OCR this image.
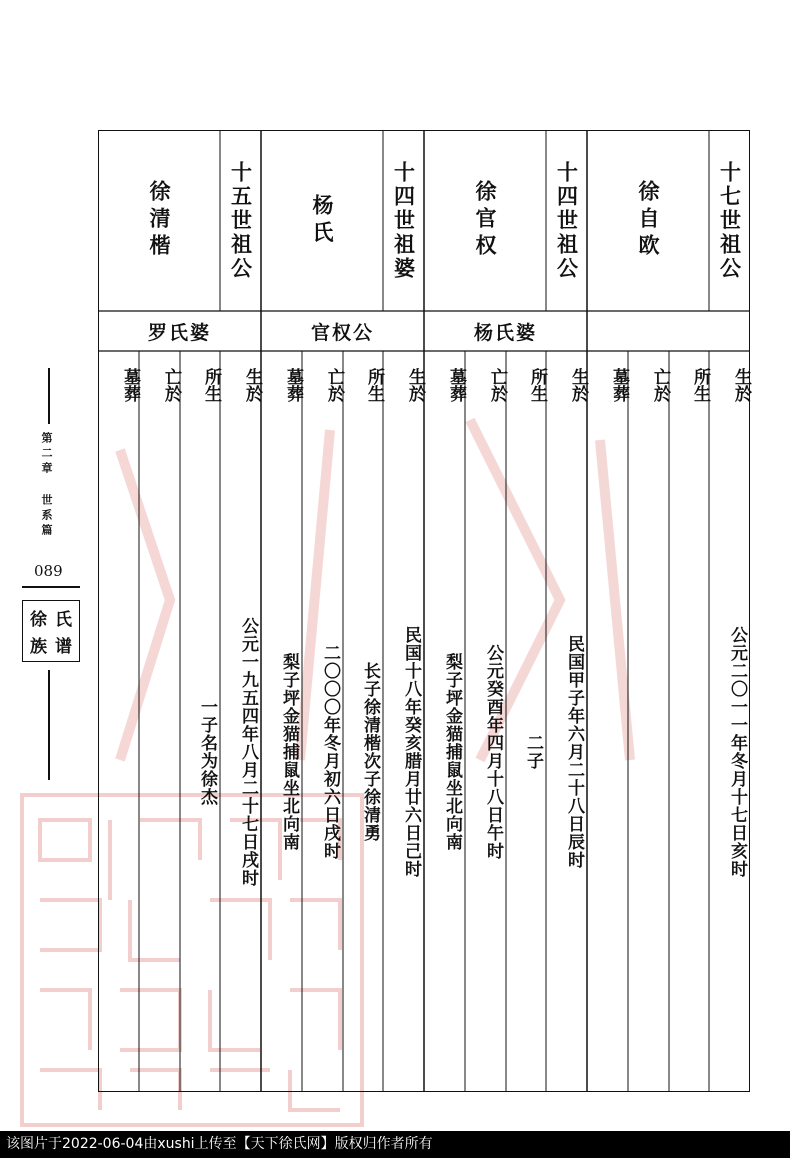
十七世祖公
徐自欧
生於
所生
亡於
墓葬
公元二〇一一年冬月十七日亥时
十四世祖公
徐官权
杨氏婆
生於
所生
亡於
墓葬
民国甲子年六月二十八日辰时
二子
公元癸酉年四月十八日午时
梨子坪金猫捕鼠坐北向南
十四世祖婆
杨氏
官权公
生於
所生
亡於
墓葬
民国十八年癸亥腊月廿六日己时
长子徐清楷次子徐清勇
二〇〇〇年冬月初六日戌时
梨子坪金猫捕鼠坐北向南
十五世祖公
徐清楷
罗氏婆
生於
所生
亡於
墓葬
公元一九五四年八月二十七日戌时
一子名为徐杰
第二章 世系篇
089
徐 氏
族 谱
该图片于2022-06-04由xushi上传至【天下徐氏网】版权归作者所有
